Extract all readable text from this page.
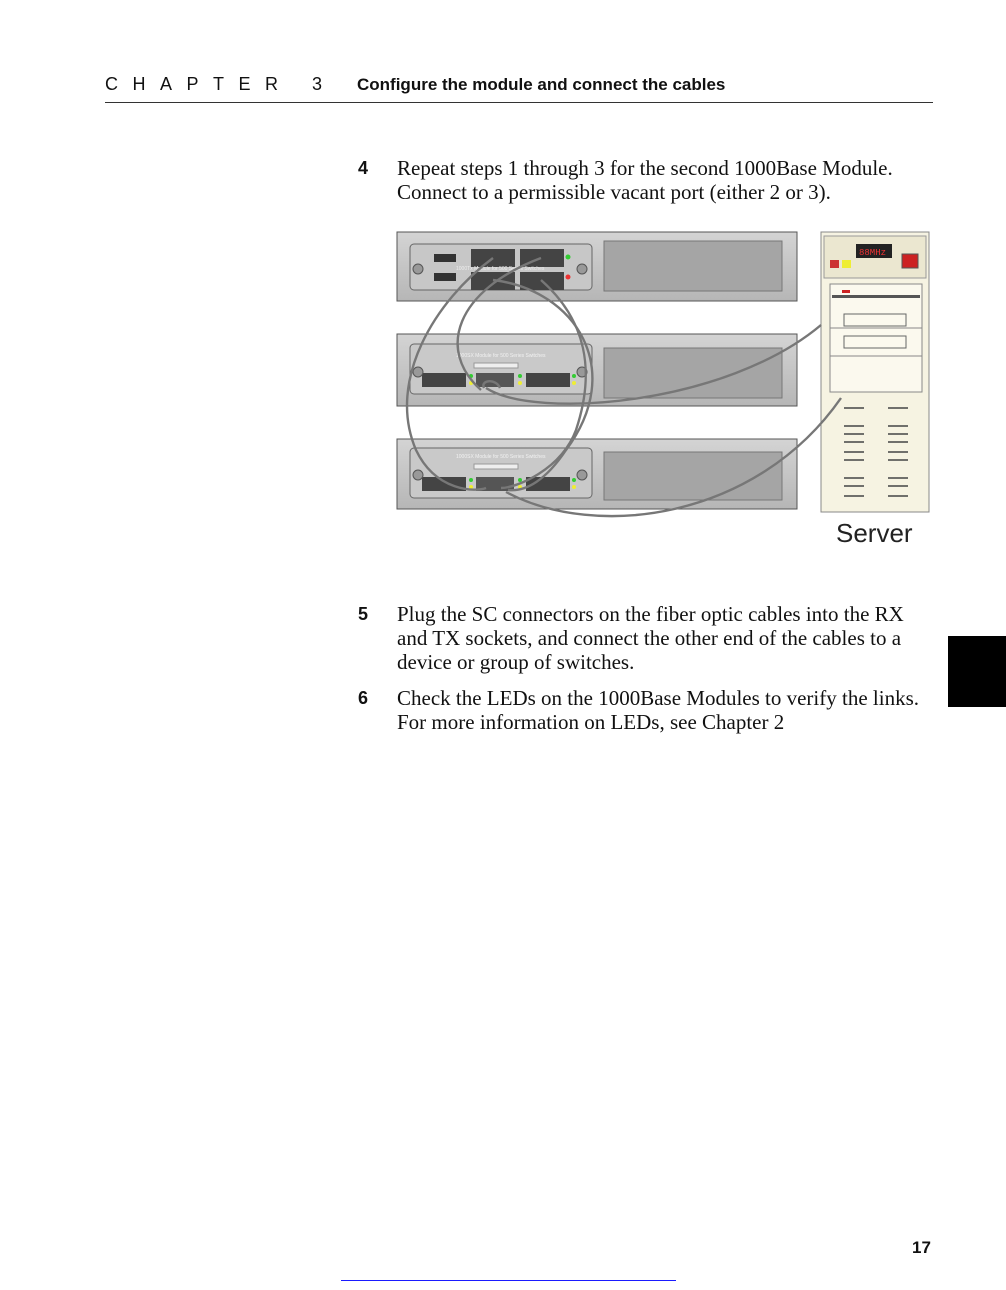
CHAPTER 3 Configure the module and connect the cables
4 Repeat steps 1 through 3 for the second 1000Base Module. Connect to a permissible vacant port (either 2 or 3).
1000Tx Module for 500 Series Switches
1000SX Module for 500 Series Switches
1000SX Module for 500 Series Switches
88MHz
Server
5 Plug the SC connectors on the fiber optic cables into the RX and TX sockets, and connect the other end of the cables to a device or group of switches.
6 Check the LEDs on the 1000Base Modules to verify the links. For more information on LEDs, see Chapter 2
17
